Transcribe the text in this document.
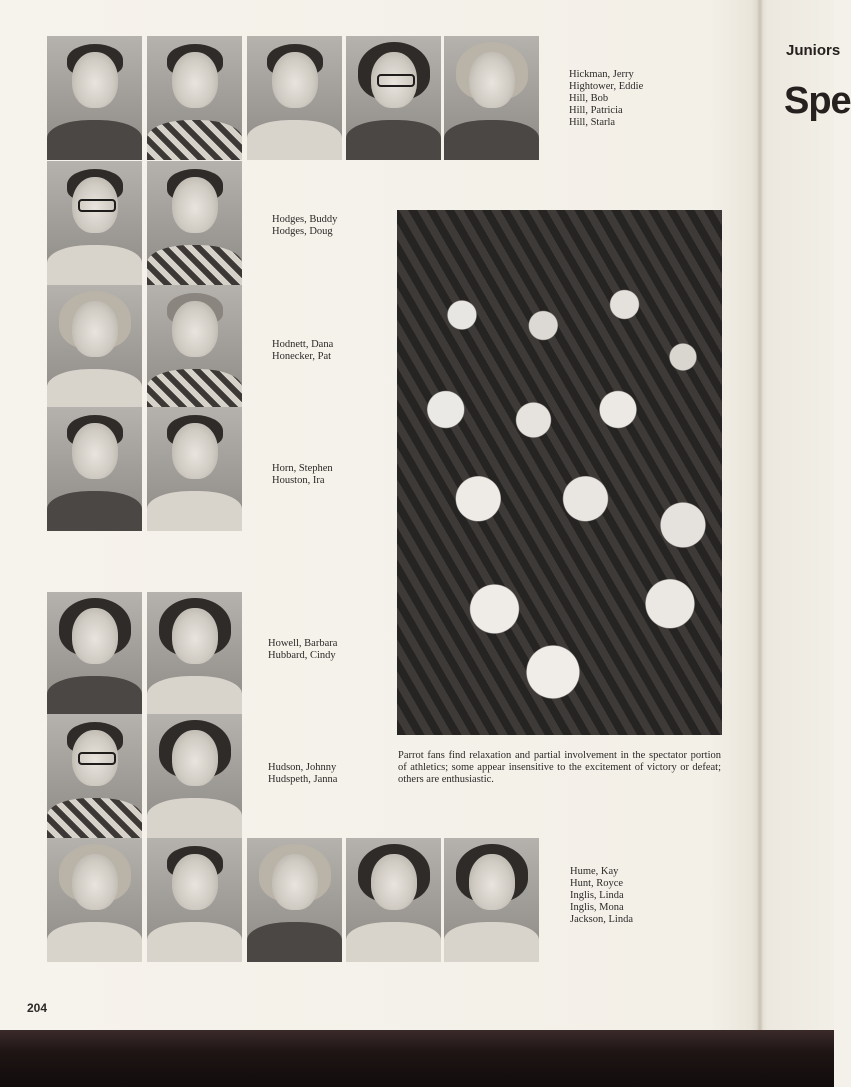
Juniors
Spe
Hickman, Jerry
Hightower, Eddie
Hill, Bob
Hill, Patricia
Hill, Starla
Hodges, Buddy
Hodges, Doug
Hodnett, Dana
Honecker, Pat
Horn, Stephen
Houston, Ira
Howell, Barbara
Hubbard, Cindy
Hudson, Johnny
Hudspeth, Janna
Hume, Kay
Hunt, Royce
Inglis, Linda
Inglis, Mona
Jackson, Linda
Parrot fans find relaxation and partial involvement in the spectator portion of athletics; some appear insensitive to the excitement of victory or defeat; others are enthusiastic.
204
